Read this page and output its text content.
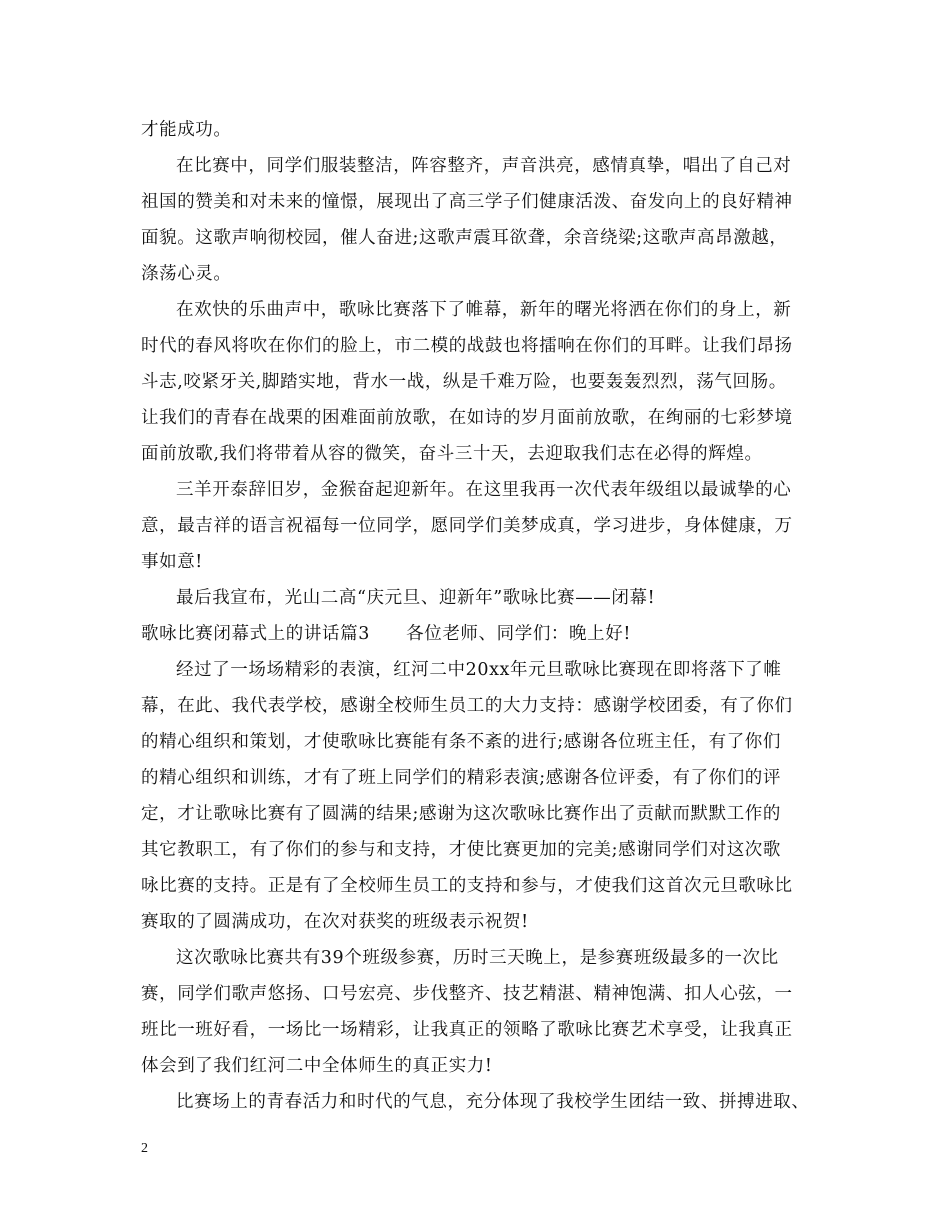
才能成功。
在比赛中，同学们服装整洁，阵容整齐，声音洪亮，感情真挚，唱出了自己对
祖国的赞美和对未来的憧憬，展现出了高三学子们健康活泼、奋发向上的良好精神
面貌。这歌声响彻校园，催人奋进;这歌声震耳欲聋，余音绕梁;这歌声高昂激越，
涤荡心灵。
在欢快的乐曲声中，歌咏比赛落下了帷幕，新年的曙光将洒在你们的身上，新
时代的春风将吹在你们的脸上，市二模的战鼓也将擂响在你们的耳畔。让我们昂扬
斗志,咬紧牙关,脚踏实地，背水一战，纵是千难万险，也要轰轰烈烈，荡气回肠。
让我们的青春在战栗的困难面前放歌，在如诗的岁月面前放歌，在绚丽的七彩梦境
面前放歌,我们将带着从容的微笑，奋斗三十天，去迎取我们志在必得的辉煌。
三羊开泰辞旧岁，金猴奋起迎新年。在这里我再一次代表年级组以最诚挚的心
意，最吉祥的语言祝福每一位同学，愿同学们美梦成真，学习进步，身体健康，万
事如意!
最后我宣布，光山二高“庆元旦、迎新年”歌咏比赛——闭幕!
歌咏比赛闭幕式上的讲话篇3　　各位老师、同学们：晚上好!
经过了一场场精彩的表演，红河二中20xx年元旦歌咏比赛现在即将落下了帷
幕，在此、我代表学校，感谢全校师生员工的大力支持：感谢学校团委，有了你们
的精心组织和策划，才使歌咏比赛能有条不紊的进行;感谢各位班主任，有了你们
的精心组织和训练，才有了班上同学们的精彩表演;感谢各位评委，有了你们的评
定，才让歌咏比赛有了圆满的结果;感谢为这次歌咏比赛作出了贡献而默默工作的
其它教职工，有了你们的参与和支持，才使比赛更加的完美;感谢同学们对这次歌
咏比赛的支持。正是有了全校师生员工的支持和参与，才使我们这首次元旦歌咏比
赛取的了圆满成功，在次对获奖的班级表示祝贺!
这次歌咏比赛共有39个班级参赛，历时三天晚上，是参赛班级最多的一次比
赛，同学们歌声悠扬、口号宏亮、步伐整齐、技艺精湛、精神饱满、扣人心弦，一
班比一班好看，一场比一场精彩，让我真正的领略了歌咏比赛艺术享受，让我真正
体会到了我们红河二中全体师生的真正实力!
比赛场上的青春活力和时代的气息，充分体现了我校学生团结一致、拼搏进取、
2
